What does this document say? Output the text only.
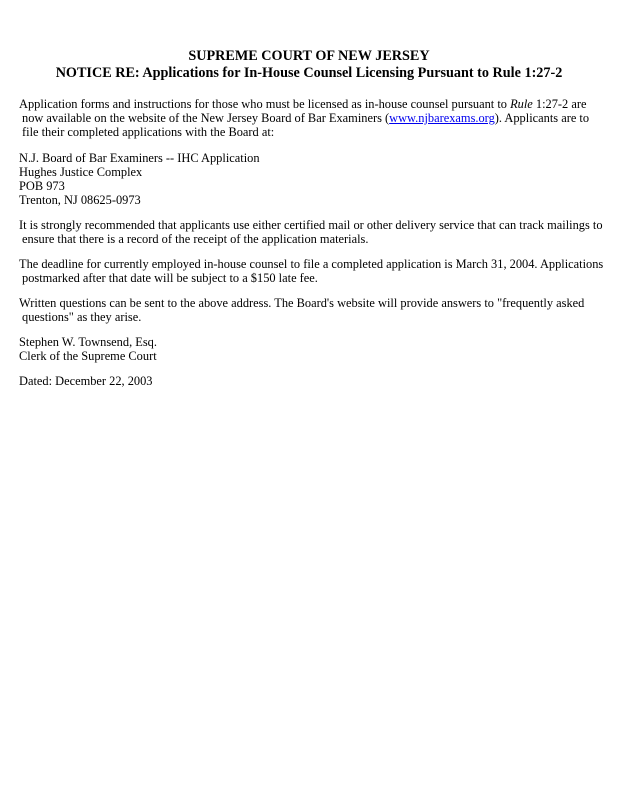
SUPREME COURT OF NEW JERSEY
NOTICE RE: Applications for In-House Counsel Licensing Pursuant to Rule 1:27-2

Application forms and instructions for those who must be licensed as in-house counsel pursuant to Rule 1:27-2 are
now available on the website of the New Jersey Board of Bar Examiners (www.njbarexams.org). Applicants are to
file their completed applications with the Board at:

N.J. Board of Bar Examiners -- IHC Application
Hughes Justice Complex
POB 973
Trenton, NJ 08625-0973

It is strongly recommended that applicants use either certified mail or other delivery service that can track mailings to
ensure that there is a record of the receipt of the application materials.

The deadline for currently employed in-house counsel to file a completed application is March 31, 2004. Applications
postmarked after that date will be subject to a $150 late fee.

Written questions can be sent to the above address. The Board's website will provide answers to "frequently asked
questions" as they arise.

Stephen W. Townsend, Esq.
Clerk of the Supreme Court

Dated: December 22, 2003
